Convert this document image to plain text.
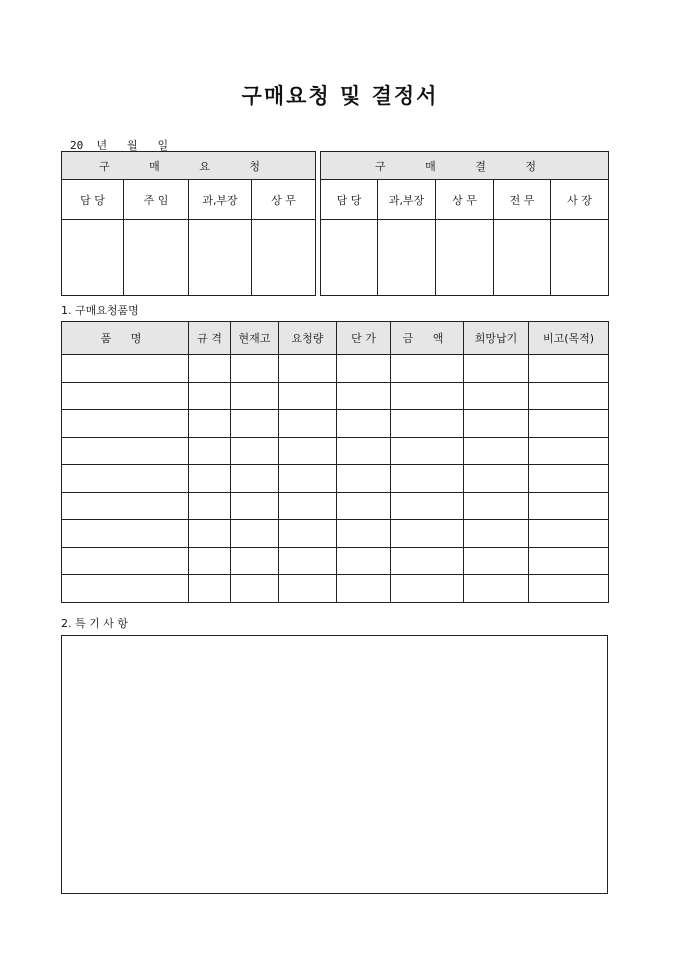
구매요청 및 결정서
20  년   월   일
구 매 요 청			
담 당	주 임	과,부장	상 무

구 매 결 정				
담 당	과,부장	상 무	전 무	사 장

1. 구매요청품명
품 명	규 격	현재고	요청량	단 가	금 액	희망납기	비고(목적)

2. 특 기 사 항
